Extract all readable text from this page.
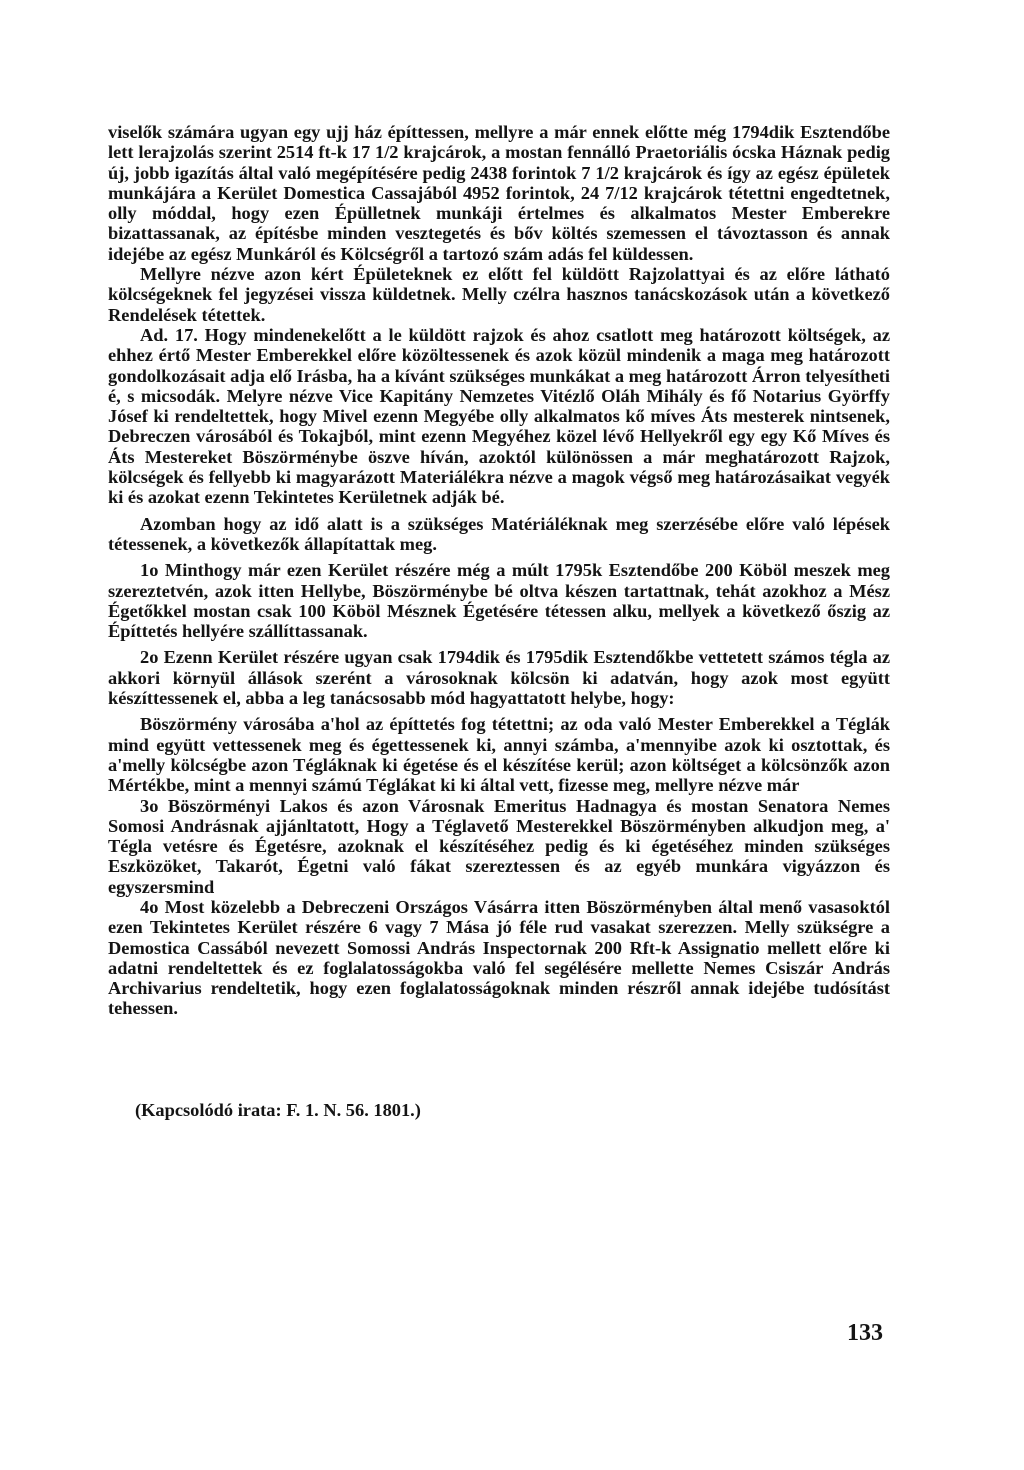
viselők számára ugyan egy ujj ház építtessen, mellyre a már ennek előtte még 1794dik Esztendőbe lett lerajzolás szerint 2514 ft-k 17 1/2 krajcárok, a mostan fennálló Praetoriális ócska Háznak pedig új, jobb igazítás által való megépítésére pedig 2438 forintok 7 1/2 krajcárok és így az egész épületek munkájára a Kerület Domestica Cassajából 4952 forintok, 24 7/12 krajcárok tétettni engedtetnek, olly móddal, hogy ezen Épülletnek munkáji értelmes és alkalmatos Mester Emberekre bizattassanak, az építésbe minden vesztegetés és bőv költés szemessen el távoztasson és annak idejébe az egész Munkáról és Kölcségről a tartozó szám adás fel küldessen.

Mellyre nézve azon kért Épületeknek ez előtt fel küldött Rajzolattyai és az előre látható kölcségeknek fel jegyzései vissza küldetnek. Melly czélra hasznos tanácskozások után a következő Rendelések tétettek.

Ad. 17. Hogy mindenekelőtt a le küldött rajzok és ahoz csatlott meg határozott költségek, az ehhez értő Mester Emberekkel előre közöltessenek és azok közül mindenik a maga meg határozott gondolkozásait adja elő Irásba, ha a kívánt szükséges munkákat a meg határozott Árron telyesítheti é, s micsodák. Melyre nézve Vice Kapitány Nemzetes Vitézlő Oláh Mihály és fő Notarius Györffy Jósef ki rendeltettek, hogy Mivel ezenn Megyébe olly alkalmatos kő míves Áts mesterek nintsenek, Debreczen városából és Tokajból, mint ezenn Megyéhez közel lévő Hellyekről egy egy Kő Míves és Áts Mestereket Böszörménybe öszve híván, azoktól különössen a már meghatározott Rajzok, kölcségek és fellyebb ki magyarázott Materiálékra nézve a magok végső meg határozásaikat vegyék ki és azokat ezenn Tekintetes Kerületnek adják bé.

Azomban hogy az idő alatt is a szükséges Matériáléknak meg szerzésébe előre való lépések tétessenek, a következők állapítattak meg.

1o Minthogy már ezen Kerület részére még a múlt 1795k Esztendőbe 200 Köböl meszek meg szereztetvén, azok itten Hellybe, Böszörménybe bé oltva készen tartattnak, tehát azokhoz a Mész Égetőkkel mostan csak 100 Köböl Mésznek Égetésére tétessen alku, mellyek a következő őszig az Építtetés hellyére szállíttassanak.

2o Ezenn Kerület részére ugyan csak 1794dik és 1795dik Esztendőkbe vettetett számos tégla az akkori környül állások szerént a városoknak kölcsön ki adatván, hogy azok most együtt készíttessenek el, abba a leg tanácsosabb mód hagyattatott helybe, hogy:

Böszörmény városába a'hol az építtetés fog tétettni; az oda való Mester Emberekkel a Téglák mind együtt vettessenek meg és égettessenek ki, annyi számba, a'mennyibe azok ki osztottak, és a'melly kölcségbe azon Tégláknak ki égetése és el készítése kerül; azon költséget a kölcsönzők azon Mértékbe, mint a mennyi számú Téglákat ki ki által vett, fizesse meg, mellyre nézve már

3o Böszörményi Lakos és azon Városnak Emeritus Hadnagya és mostan Senatora Nemes Somosi Andrásnak ajjánltatott, Hogy a Téglavető Mesterekkel Böszörményben alkudjon meg, a' Tégla vetésre és Égetésre, azoknak el készítéséhez pedig és ki égetéséhez minden szükséges Eszközöket, Takarót, Égetni való fákat szereztessen és az egyéb munkára vigyázzon és egyszersmind

4o Most közelebb a Debreczeni Országos Vásárra itten Böszörményben által menő vasasoktól ezen Tekintetes Kerület részére 6 vagy 7 Mása jó féle rud vasakat szerezzen. Melly szükségre a Demostica Cassából nevezett Somossi András Inspectornak 200 Rft-k Assignatio mellett előre ki adatni rendeltettek és ez foglalatosságokba való fel segélésére mellette Nemes Csiszár András Archivarius rendeltetik, hogy ezen foglalatosságoknak minden részről annak idejébe tudósítást tehessen.

(Kapcsolódó irata: F. 1. N. 56. 1801.)
133
